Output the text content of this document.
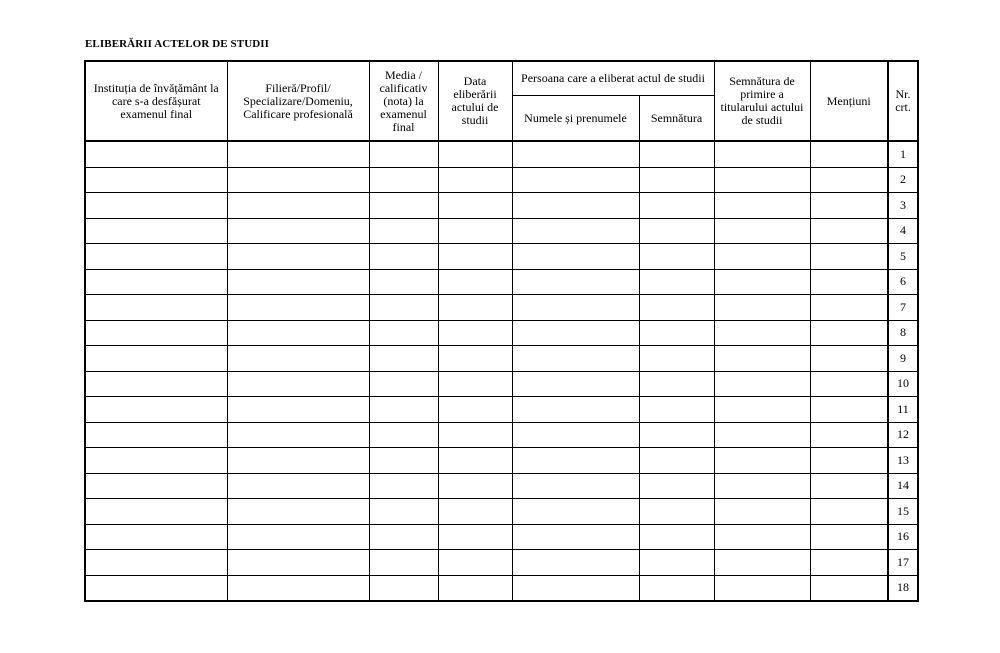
ELIBERĂRII ACTELOR DE STUDII
Instituția de învățământ la care s-a desfășurat examenul final	Filieră/Profil/ Specializare/Domeniu, Calificare profesională	Media / calificativ (nota) la examenul final	Data eliberării actului de studii	Persoana care a eliberat actul de studii		Semnătura de primire a titularului actului de studii	Mențiuni	Nr. crt.

				Numele și prenumele	Semnătura			

								1
								2
								3
								4
								5
								6
								7
								8
								9
								10
								11
								12
								13
								14
								15
								16
								17
								18
